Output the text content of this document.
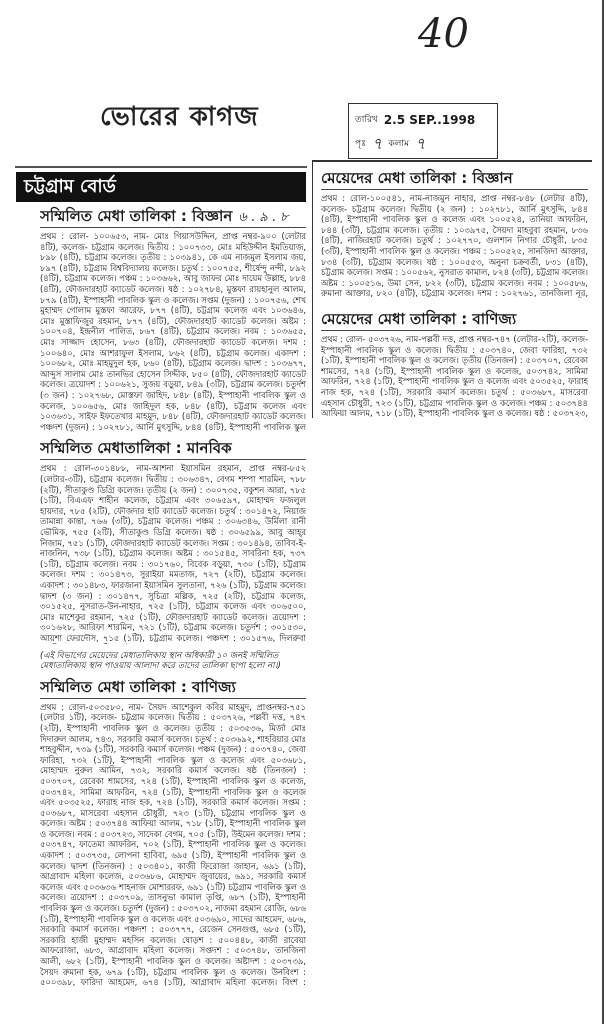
40
ভোরের কাগজ	তারিখ 2.5 SEP..1998
পৃঃ ৭ কলাম ৭
চট্টগ্রাম বোর্ড
সম্মিলিত মেধা তালিকা : বিজ্ঞান ৬ . ৯ . ৮
প্রথম : রোল- ১০০৬৫৩, নাম- মোঃ গিয়াসউদ্দিন, প্রাপ্ত নম্বর-৯০০ (লেটার ৪টি), কলেজ- চট্টগ্রাম কলেজ। দ্বিতীয় : ১০০৭৩৩, মোঃ মহিউদ্দীন ইমতিয়াজ, ৮৯৮ (৪টি), চট্টগ্রাম কলেজ। তৃতীয় : ১০৩৯৪১, কে এম নাজমুল ইসলাম জয়, ৮৯৭ (৪টি), চট্টগ্রাম বিশ্ববিদ্যালয় কলেজ। চতুর্থ : ১০০৭৫৫, শীর্ষেন্দু নন্দী, ৮৯২ (৪টি), চট্টগ্রাম কলেজ। পঞ্চম : ১০৩৬৬২, আবু জাফর মোঃ দায়েম উল্লাহ, ৮৮৪ (৪টি), ফৌজদারহাট ক্যাডেট কলেজ। ষষ্ঠ : ১০২৭৮৪, মুস্তফা রায়হানুল আলম, ৮৭৯ (৪টি), ইস্পাহানী পাবলিক স্কুল ও কলেজ। সপ্তম (দুজন) : ১০০৭৫৬, শেখ মুহাম্মদ গোলাম মুস্তফা আরেফ, ৮৭৭ (৪টি), চট্টগ্রাম কলেজ এবং ১০৩৬৪৬, মোঃ মুস্তাফিজুর রহমান, ৮৭৭ (৪টি), ফৌজদারহাট ক্যাডেট কলেজ। অষ্টম : ১০০৭০৪, ইন্দ্রনীল পালিত, ৮৬৭ (৪টি), চট্টগ্রাম কলেজ। নবম : ১০৩৬৫৫, মোঃ সাজ্জাদ হোসেন, ৮৬৩ (৪টি), ফৌজদারহাট ক্যাডেট কলেজ। দশম : ১০০৬৪০, মোঃ আশরাফুল ইসলাম, ৮৬২ (৪টি), চট্টগ্রাম কলেজ। একাদশ : ১০০৬৮২, মোঃ মাহমুদুল হক, ৮৬০ (৪টি), চট্টগ্রাম কলেজ। দ্বাদশ : ১০৩৬৭৭, আব্দুস সালাম মোঃ তানভির হোসেন সিদ্দীক, ৮৫০ (৪টি), ফৌজদারহাট ক্যাডেট কলেজ। ত্রয়োদশ : ১০০৬২১, সুজয় বড়ুয়া, ৮৪৯ (৩টি), চট্টগ্রাম কলেজ। চতুর্দশ (৩ জন) : ১০২৭৬৮, মোস্তফা জাহিদ, ৮৪৮ (৪টি), ইস্পাহানী পাবলিক স্কুল ও কলেজ, ১০০৬৫৬, মোঃ জাহিদুল হক, ৮৪৮ (৪টি), চট্টগ্রাম কলেজ এবং ১০৩৬৩১, সাইফ ইফতেখার মাহমুদ, ৮৪৮ (৪টি), ফৌজদারহাট ক্যাডেট কলেজ। পঞ্চদশ (দুজন) : ১০২৭৮১, আর্নি মুৎসুদ্দি, ৮৪৪ (৪টি), ইস্পাহানী পাবলিক স্কুল
সম্মিলিত মেধাতালিকা : মানবিক
প্রথম : রোল-৩০১৪৮৮, নাম-আশনা ইয়াসমিন রহমান, প্রাপ্ত নম্বর-৮৫২ (লেটার-৩টি), চট্টগ্রাম কলেজ। দ্বিতীয় : ৩০৬৩৪৭, বেগম শম্পা শারমিন, ৭৮৮ (২টি), সীতাকুণ্ড ডিগ্রি কলেজ। তৃতীয় (২ জন) : ৩০০৭৩৫, বকুশন আরা, ৭৮৫ (১টি), বিএএফ শাহীন কলেজ, চট্টগ্রাম এবং ৩০৬৫৯৭, মোহাম্মদ ফজলুল হায়দার, ৭৮৫ (২টি), ফৌজদার হাট ক্যাডেট কলেজ। চতুর্থ : ৩০১৪৭২, নিয়াজ তামান্না কান্তা, ৭৬৬ (৩টি), চট্টগ্রাম কলেজ। পঞ্চম : ৩০৬৩৪৬, উর্মিলা রানী ভৌমিক, ৭৫৫ (২টি), সীতাকুণ্ড ডিগ্রি কলেজ। ষষ্ঠ : ৩০৬৫৯৯, আবু আহ্‌র নিজাম, ৭৫১ (১টি), ফৌজদারহাট ক্যাডেট কলেজ। সপ্তম : ৩০১৪৯৪, তাবিব-ই-নাজনিন, ৭৩৮ (১টি), চট্টগ্রাম কলেজ। অষ্টম : ৩০১৫৪৫, সাবরিনা হক, ৭৩৭ (১টি), চট্টগ্রাম কলেজ। নবম : ৩০১৭৬০, বিবেক বড়ুয়া, ৭৩০ (১টি), চট্টগ্রাম কলেজ। দশম : ৩০১৪৭৩, সুরাইয়া মমতাজ, ৭২৭ (২টি), চট্টগ্রাম কলেজ। একাদশ : ৩০১৪৮৩, ফারজানা ইয়াসমিন সুলতানা, ৭২৬ (১টি), চট্টগ্রাম কলেজ। দ্বাদশ (৩ জন) : ৩০১৪৭৭, সুচিত্রা মল্লিক, ৭২৫ (২টি), চট্টগ্রাম কলেজ, ৩০১৫২৫, নুসরাত-উন-নাহার, ৭২৫ (১টি), চট্টগ্রাম কলেজ এবং ৩০৬৫০০, মোঃ মাশেকুর রহমান, ৭২৫ (১টি), ফৌজদারহাট ক্যাডেট কলেজ। ত্রয়োদশ : ৩০১৬২৮, আরিফা শারমিন, ৭২১ (১টি), চট্টগ্রাম কলেজ। চতুর্দশ : ৩০১৫৩০, আয়শা ফেরদৌস, ৭১৫ (১টি), চট্টগ্রাম কলেজ। পঞ্চদশ : ৩০১৫৭৬, দিলরুবা
(এই বিভাগের মেয়েদের মেধাতালিকায় স্থান অধিকারী ১০ জনই সম্মিলিত মেধাতালিকায় স্থান পাওয়ায় আলাদা করে তাদের তালিকা ছাপা হলো না।)
সম্মিলিত মেধা তালিকা : বাণিজ্য
প্রথম : রোল-৫০৩৫৮০, নাম- সৈয়দ আশেকুল কবির মাহমুদ, প্রাপ্তনম্বর-৭৫১ (লেটার ১টি), কলেজ- চট্টগ্রাম কলেজ। দ্বিতীয় : ৫০৩৭২৬, পল্লবী দত্ত, ৭৪৭ (২টি), ইস্পাহানী পাবলিক স্কুল ও কলেজ। তৃতীয় : ৫০৩৫৩৬, মির্জা মোঃ দিদারুল আলম, ৭৪৩, সরকারি কমার্স কলেজ। চতুর্থ : ৫০৩৬৯২, শাহরিয়ার মোঃ শাহবুদ্দীন, ৭৩৯ (১টি), সরকারি কমার্স কলেজ। পঞ্চম (দুজন) : ৫০৩৭৪০, জেবা ফারিহা, ৭৩২ (১টি), ইস্পাহানী পাবলিক স্কুল ও কলেজ এবং ৫০৩৬৮১, মোহাম্মদ নুরুল আমিন, ৭৩২, সরকারি কমার্স কলেজ। ষষ্ঠ (তিনজন) : ৫০৩৭০৭, রেবেকা শামসের, ৭২৪ (১টি), ইস্পাহানী পাবলিক স্কুল ও কলেজ, ৫০৩৭৪২, সামিমা আফরিন, ৭২৪ (১টি), ইস্পাহানী পাবলিক স্কুল ও কলেজ এবং ৫০৩৫২৫, ফারাহ নাজ হক, ৭২৪ (১টি), সরকারি কমার্স কলেজ। সপ্তম : ৫০৩৬৮৭, মাসরেবা এহসান চৌধুরী, ৭২৩ (১টি), চট্টগ্রাম পাবলিক স্কুল ও কলেজ। অষ্টম : ৫০৩৭৪৪ আফিয়া আলম, ৭১৮ (১টি), ইস্পাহানী পাবলিক স্কুল ও কলেজ। নবম : ৫০৩৭২৩, সাদেকা বেগম, ৭০৫ (১টি), উইমেন কলেজ। দশম : ৫০৩৭৪৭, ফাতেমা আফরিন, ৭০২ (১টি), ইস্পাহানী পাবলিক স্কুল ও কলেজ। একাদশ : ৫০৩৭৩৫, লোপনা হাবিবা, ৬৯৫ (১টি), ইস্পাহানী পাবলিক স্কুল ও কলেজ। দ্বাদশ (তিনজন) : ৫০৩৪০১, কাজী ফিরোজা জাহান, ৬৯১ (১টি), আগ্রাবাদ মহিলা কলেজ, ৫০৩৬৮৬, মোহাম্মদ জুবায়ের, ৬৯১, সরকারি কমার্স কলেজ এবং ৫০৩৬৩৬ শাহনাজ মোশাররফ, ৬৯১ (১টি) চট্টগ্রাম পাবলিক স্কুল ও কলেজ। ত্রয়োদশ : ৫০৩৭০৯, তাসনুভা কামাল তৃপ্তি, ৬৮৭ (১টি), ইস্পাহানী পাবলিক স্কুল ও কলেজ। চতুর্দশ (দুজন) : ৫০৩৭০২, নাজমা রহমান রোজি, ৬৮৬ (১টি), ইস্পাহানী পাবলিক স্কুল ও কলেজ এবং ৫০৩৬৯০, সাদের আহমেদ, ৬৮৬, সরকারি কমার্স কলেজ। পঞ্চদশ : ৫০৩৭৭৭, রেজেন সেনগুপ্ত, ৬৮৫ (১টি), সরকারি হাজী মুহাম্মদ মহসিন কলেজ। ষোড়শ : ৫০০৪৪৮, কাজী রাবেয়া আফরোজা, ৬৮৩, আগ্রাবাদ মহিলা কলেজ। সপ্তদশ : ৫০৩৭৪৮, তানজিনা আলী, ৬৮২ (১টি), ইস্পাহানী পাবলিক স্কুল ও কলেজ। অষ্টাদশ : ৫০৩৭৩৯, সৈয়দ রুমানা হক, ৬৭৯ (১টি), চট্টগ্রাম পাবলিক স্কুল ও কলেজ। উনবিংশ : ৫০০৩৯৮, ফারিদা আহমেদ, ৬৭৪ (১টি), আগ্রাবাদ মহিলা কলেজ। বিংশ :
মেয়েদের মেধা তালিকা : বিজ্ঞান
প্রথম : রোল-১০০৫৪১, নাম-নাজমুন নাহার, প্রাপ্ত নম্বর-৮৪৮ (লেটার ৪টি), কলেজ- চট্টগ্রাম কলেজ। দ্বিতীয় (২ জন) : ১০২৭৮১, আর্নি মুৎসুদ্দি, ৮৪৪ (৪টি), ইস্পাহানী পাবলিক স্কুল ও কলেজ এবং ১০০৫২৪, তানিয়া আফরিন, ৮৪৪ (৩টি), চট্টগ্রাম কলেজ। তৃতীয় : ১০৩৯৭৫, সৈয়দা মাহবুবা রহমান, ৮৩৬ (৪টি), নাজিরহাট কলেজ। চতুর্থ : ১০২৭৭০, গুলশান নিগার চৌধুরী, ৮৩৫ (৩টি), ইস্পাহানী পাবলিক স্কুল ও কলেজ। পঞ্চম : ১০০৫২৫, সানজিদা আক্তার, ৮৩৪ (৩টি), চট্টগ্রাম কলেজ। ষষ্ঠ : ১০০৫৫৩, অনুনা চক্রবর্তী, ৮৩১ (৪টি), চট্টগ্রাম কলেজ। সপ্তম : ১০০৫৬২, নুসরাত কামাল, ৮২৪ (৩টি), চট্টগ্রাম কলেজ। অষ্টম : ১০০৫১৬, উমা সেন, ৮২২ (৩টি), চট্টগ্রাম কলেজ। নবম : ১০০৫৮৬, রুমানা আক্তার, ৮২০ (৪টি), চট্টগ্রাম কলেজ। দশম : ১০২৭৬১, তানজিলা নূর,
মেয়েদের মেধা তালিকা : বাণিজ্য
প্রথম : রোল- ৫০৩৭২৬, নাম-পল্লবী দত্ত, প্রাপ্ত নম্বর-৭৪৭ (লেটার-২টি), কলেজ- ইস্পাহানী পাবলিক স্কুল ও কলেজ। দ্বিতীয় : ৫০৩৭৪০, জেবা ফারিহা, ৭৩২ (১টি), ইস্পাহানী পাবলিক স্কুল ও কলেজ। তৃতীয় (তিনজন) : ৫০৩৭০৭, রেবেকা শামসের, ৭২৪ (১টি), ইস্পাহানী পাবলিক স্কুল ও কলেজ, ৫০৩৭৪২, সামিমা আফরিন, ৭২৪ (১টি), ইস্পাহানী পাবলিক স্কুল ও কলেজ এবং ৫০৩৫২৫, ফারাহ নাজ হক, ৭২৪ (১টি), সরকারি কমার্স কলেজ। চতুর্থ : ৫০৩৬৮৭, মাসরেবা এহসান চৌধুরী, ৭২৩ (১টি), চট্টগ্রাম পাবলিক স্কুল ও কলেজ। পঞ্চম : ৫০৩৭৪৪ আফিয়া আলম, ৭১৮ (১টি), ইস্পাহানী পাবলিক স্কুল ও কলেজ। ষষ্ঠ : ৫০৩৭২৩,
